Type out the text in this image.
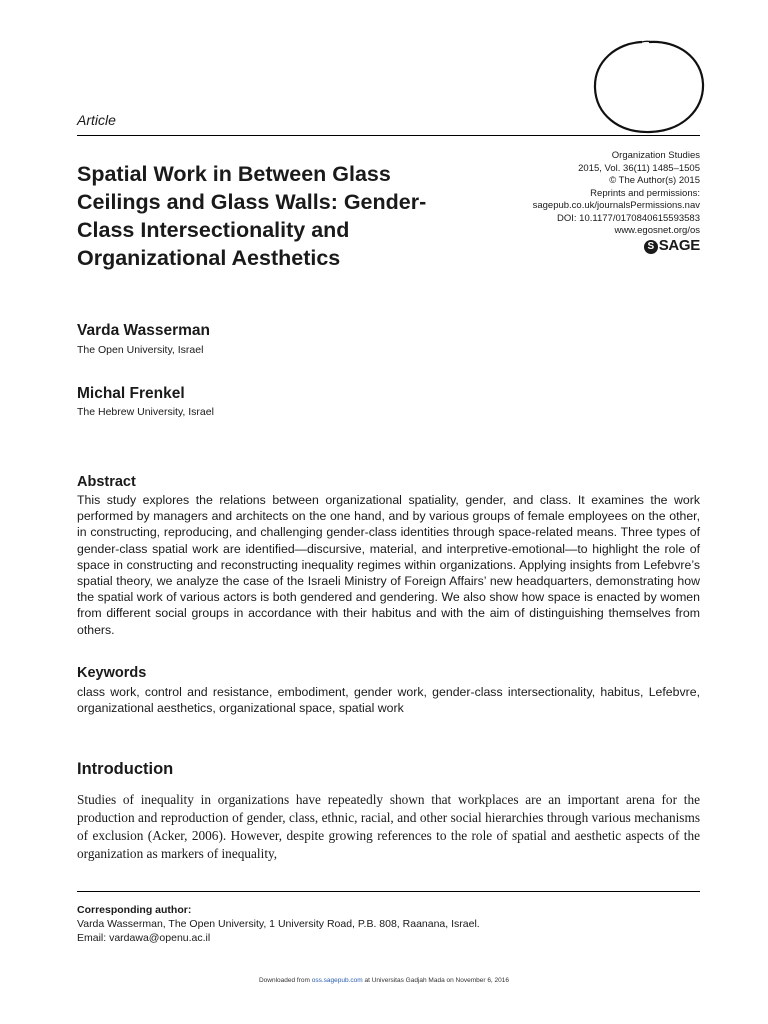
Article
Spatial Work in Between Glass
Ceilings and Glass Walls: Gender-
Class Intersectionality and
Organizational Aesthetics
Organization Studies
2015, Vol. 36(11) 1485–1505
© The Author(s) 2015
Reprints and permissions:
sagepub.co.uk/journalsPermissions.nav
DOI: 10.1177/0170840615593583
www.egosnet.org/os
S SAGE
Varda Wasserman
The Open University, Israel
Michal Frenkel
The Hebrew University, Israel
Abstract
This study explores the relations between organizational spatiality, gender, and class. It examines the work performed by managers and architects on the one hand, and by various groups of female employees on the other, in constructing, reproducing, and challenging gender-class identities through space-related means. Three types of gender-class spatial work are identified—discursive, material, and interpretive-emotional—to highlight the role of space in constructing and reconstructing inequality regimes within organizations. Applying insights from Lefebvre’s spatial theory, we analyze the case of the Israeli Ministry of Foreign Affairs’ new headquarters, demonstrating how the spatial work of various actors is both gendered and gendering. We also show how space is enacted by women from different social groups in accordance with their habitus and with the aim of distinguishing themselves from others.
Keywords
class work, control and resistance, embodiment, gender work, gender-class intersectionality, habitus, Lefebvre, organizational aesthetics, organizational space, spatial work
Introduction
Studies of inequality in organizations have repeatedly shown that workplaces are an important arena for the production and reproduction of gender, class, ethnic, racial, and other social hierarchies through various mechanisms of exclusion (Acker, 2006). However, despite growing references to the role of spatial and aesthetic aspects of the organization as markers of inequality,
Corresponding author:
Varda Wasserman, The Open University, 1 University Road, P.B. 808, Raanana, Israel.
Email: vardawa@openu.ac.il
Downloaded from oss.sagepub.com at Universitas Gadjah Mada on November 6, 2016
